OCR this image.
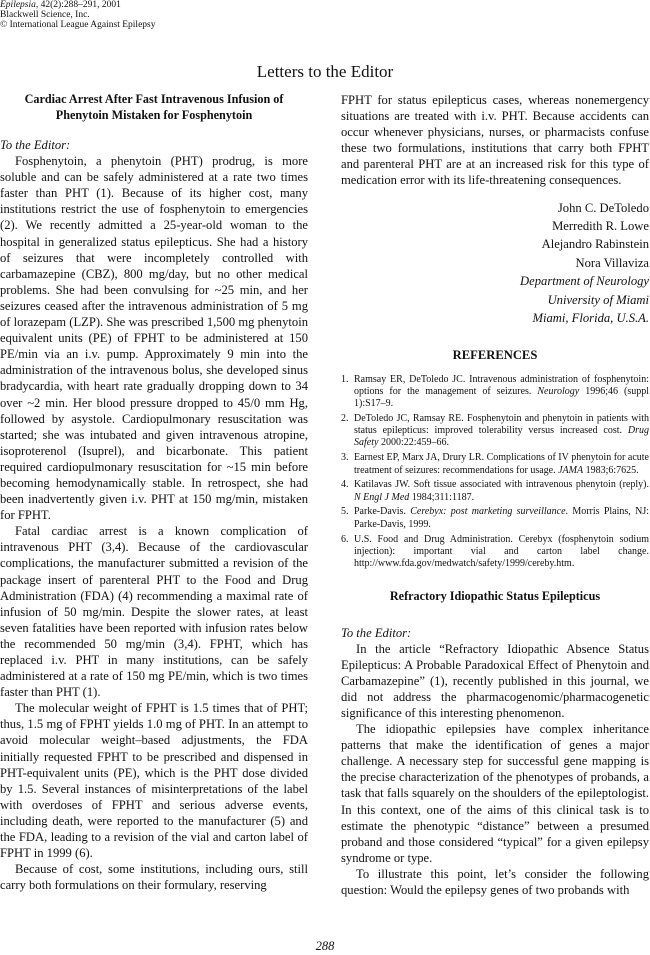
Epilepsia, 42(2):288–291, 2001
Blackwell Science, Inc.
© International League Against Epilepsy
Letters to the Editor
Cardiac Arrest After Fast Intravenous Infusion of Phenytoin Mistaken for Fosphenytoin
To the Editor:

Fosphenytoin, a phenytoin (PHT) prodrug, is more soluble and can be safely administered at a rate two times faster than PHT (1). Because of its higher cost, many institutions restrict the use of fosphenytoin to emergencies (2). We recently admitted a 25-year-old woman to the hospital in generalized status epilepticus. She had a history of seizures that were incompletely controlled with carbamazepine (CBZ), 800 mg/day, but no other medical problems. She had been convulsing for ~25 min, and her seizures ceased after the intravenous administration of 5 mg of lorazepam (LZP). She was prescribed 1,500 mg phenytoin equivalent units (PE) of FPHT to be administered at 150 PE/min via an i.v. pump. Approximately 9 min into the administration of the intravenous bolus, she developed sinus bradycardia, with heart rate gradually dropping down to 34 over ~2 min. Her blood pressure dropped to 45/0 mm Hg, followed by asystole. Cardiopulmonary resuscitation was started; she was intubated and given intravenous atropine, isoproterenol (Isuprel), and bicarbonate. This patient required cardiopulmonary resuscitation for ~15 min before becoming hemodynamically stable. In retrospect, she had been inadvertently given i.v. PHT at 150 mg/min, mistaken for FPHT.

Fatal cardiac arrest is a known complication of intravenous PHT (3,4). Because of the cardiovascular complications, the manufacturer submitted a revision of the package insert of parenteral PHT to the Food and Drug Administration (FDA) (4) recommending a maximal rate of infusion of 50 mg/min. Despite the slower rates, at least seven fatalities have been reported with infusion rates below the recommended 50 mg/min (3,4). FPHT, which has replaced i.v. PHT in many institutions, can be safely administered at a rate of 150 mg PE/min, which is two times faster than PHT (1).

The molecular weight of FPHT is 1.5 times that of PHT; thus, 1.5 mg of FPHT yields 1.0 mg of PHT. In an attempt to avoid molecular weight–based adjustments, the FDA initially requested FPHT to be prescribed and dispensed in PHT-equivalent units (PE), which is the PHT dose divided by 1.5. Several instances of misinterpretations of the label with overdoses of FPHT and serious adverse events, including death, were reported to the manufacturer (5) and the FDA, leading to a revision of the vial and carton label of FPHT in 1999 (6).

Because of cost, some institutions, including ours, still carry both formulations on their formulary, reserving

FPHT for status epilepticus cases, whereas nonemergency situations are treated with i.v. PHT. Because accidents can occur whenever physicians, nurses, or pharmacists confuse these two formulations, institutions that carry both FPHT and parenteral PHT are at an increased risk for this type of medication error with its life-threatening consequences.

John C. DeToledo
Merredith R. Lowe
Alejandro Rabinstein
Nora Villaviza
Department of Neurology
University of Miami
Miami, Florida, U.S.A.
REFERENCES
1. Ramsay ER, DeToledo JC. Intravenous administration of fosphenytoin: options for the management of seizures. Neurology 1996;46 (suppl 1):S17–9.
2. DeToledo JC, Ramsay RE. Fosphenytoin and phenytoin in patients with status epilepticus: improved tolerability versus increased cost. Drug Safety 2000:22:459–66.
3. Earnest EP, Marx JA, Drury LR. Complications of IV phenytoin for acute treatment of seizures: recommendations for usage. JAMA 1983;6:7625.
4. Katilavas JW. Soft tissue associated with intravenous phenytoin (reply). N Engl J Med 1984;311:1187.
5. Parke-Davis. Cerebyx: post marketing surveillance. Morris Plains, NJ: Parke-Davis, 1999.
6. U.S. Food and Drug Administration. Cerebyx (fosphenytoin sodium injection): important vial and carton label change. http://www.fda.gov/medwatch/safety/1999/cereby.htm.
Refractory Idiopathic Status Epilepticus
To the Editor:

In the article “Refractory Idiopathic Absence Status Epilepticus: A Probable Paradoxical Effect of Phenytoin and Carbamazepine” (1), recently published in this journal, we did not address the pharmacogenomic/pharmacogenetic significance of this interesting phenomenon.

The idiopathic epilepsies have complex inheritance patterns that make the identification of genes a major challenge. A necessary step for successful gene mapping is the precise characterization of the phenotypes of probands, a task that falls squarely on the shoulders of the epileptologist. In this context, one of the aims of this clinical task is to estimate the phenotypic “distance” between a presumed proband and those considered “typical” for a given epilepsy syndrome or type.

To illustrate this point, let’s consider the following question: Would the epilepsy genes of two probands with

288
